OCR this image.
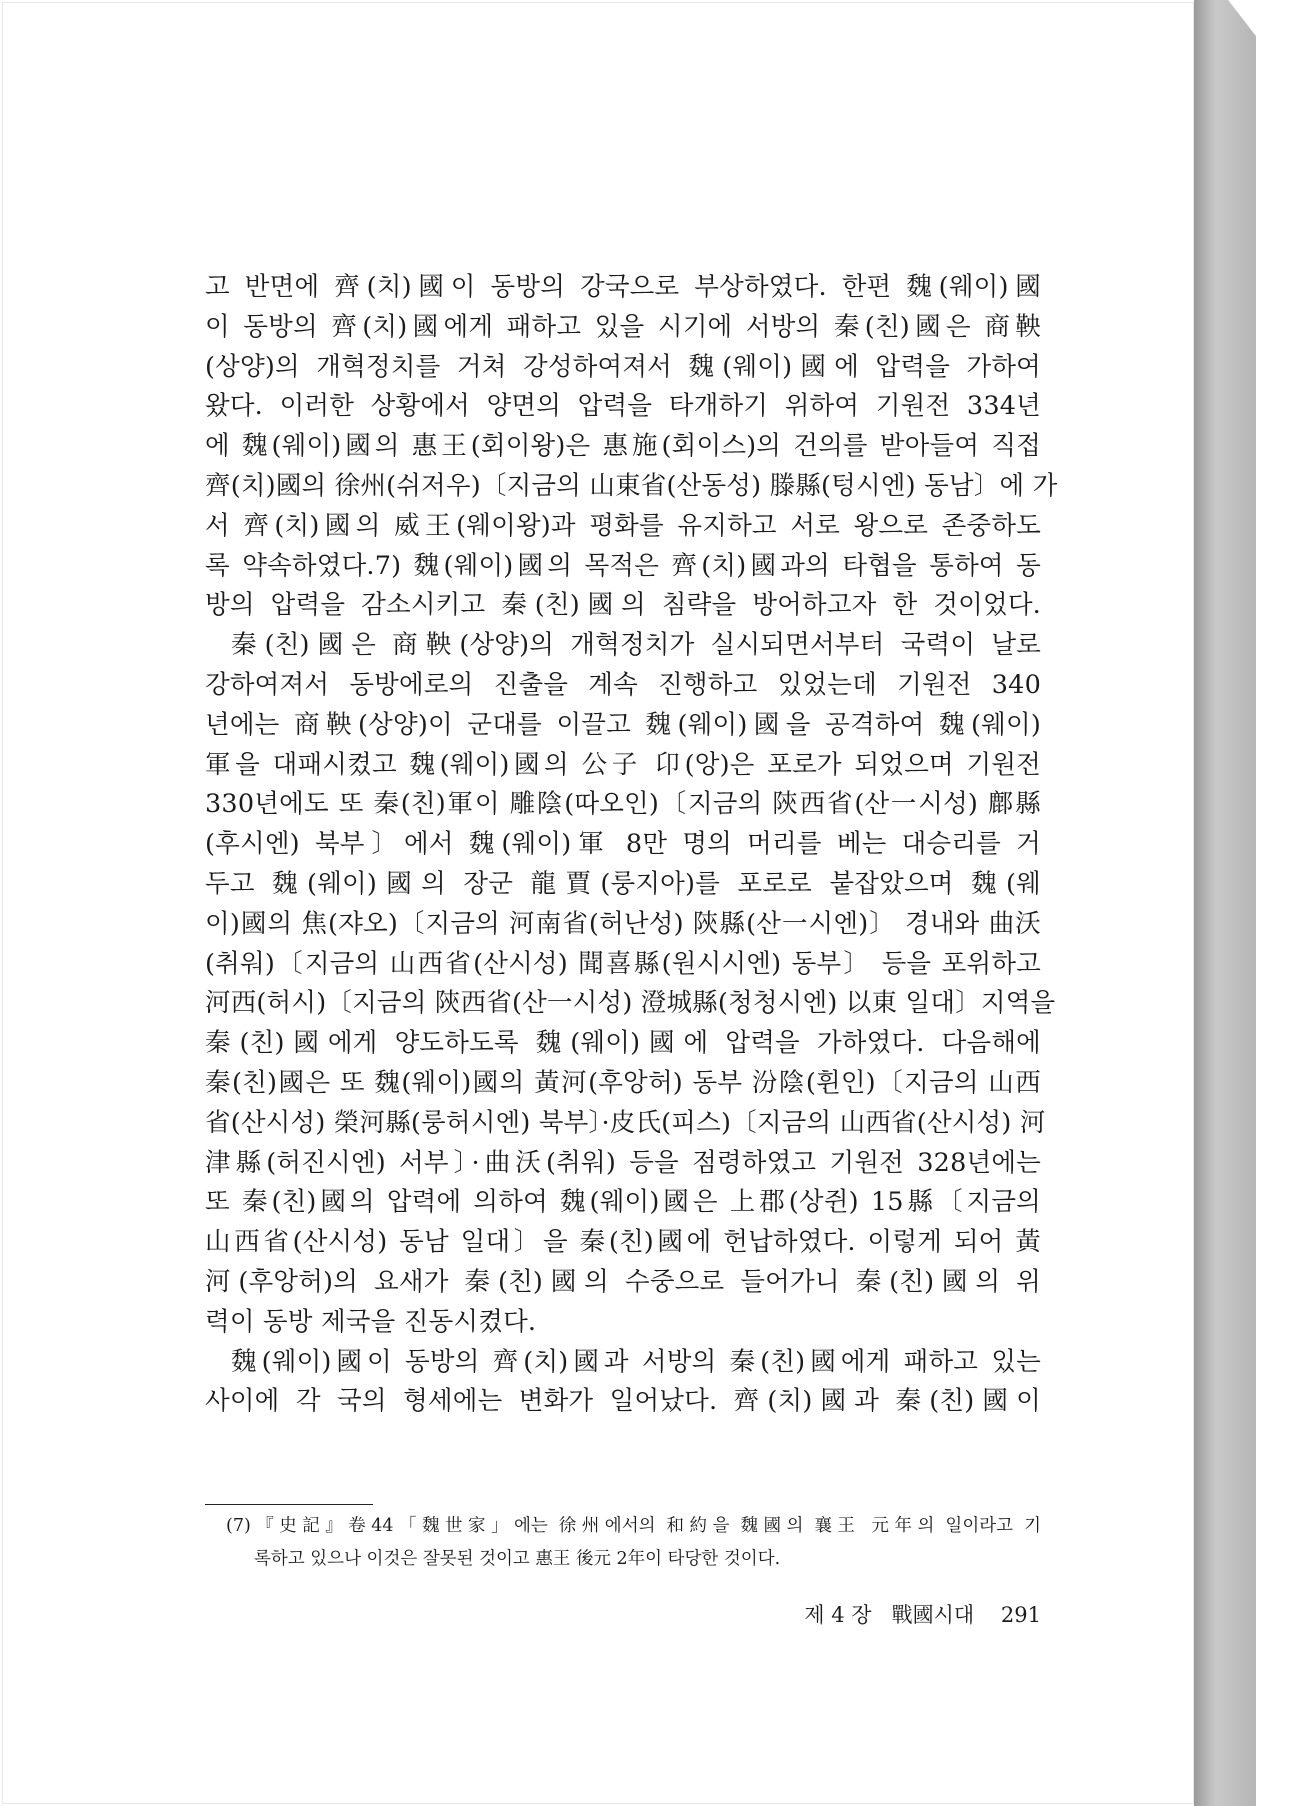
고 반면에 齊(치)國이 동방의 강국으로 부상하였다. 한편 魏(웨이)國
이 동방의 齊(치)國에게 패하고 있을 시기에 서방의 秦(친)國은 商鞅
(상양)의 개혁정치를 거쳐 강성하여져서 魏(웨이)國에 압력을 가하여
왔다. 이러한 상황에서 양면의 압력을 타개하기 위하여 기원전 334년
에 魏(웨이)國의 惠王(회이왕)은 惠施(회이스)의 건의를 받아들여 직접
齊(치)國의 徐州(쉬저우)〔지금의 山東省(산동성) 滕縣(텅시엔) 동남〕에 가
서 齊(치)國의 威王(웨이왕)과 평화를 유지하고 서로 왕으로 존중하도
록 약속하였다.7) 魏(웨이)國의 목적은 齊(치)國과의 타협을 통하여 동
방의 압력을 감소시키고 秦(친)國의 침략을 방어하고자 한 것이었다.
秦(친)國은 商鞅(상양)의 개혁정치가 실시되면서부터 국력이 날로
강하여져서 동방에로의 진출을 계속 진행하고 있었는데 기원전 340
년에는 商鞅(상양)이 군대를 이끌고 魏(웨이)國을 공격하여 魏(웨이)
軍을 대패시켰고 魏(웨이)國의 公子 卬(앙)은 포로가 되었으며 기원전
330년에도 또 秦(친)軍이 雕陰(따오인)〔지금의 陝西省(산一시성) 鄜縣
(후시엔) 북부〕에서 魏(웨이)軍 8만 명의 머리를 베는 대승리를 거
두고 魏(웨이)國의 장군 龍賈(룽지아)를 포로로 붙잡았으며 魏(웨
이)國의 焦(쟈오)〔지금의 河南省(허난성) 陝縣(산一시엔)〕 경내와 曲沃
(취워)〔지금의 山西省(산시성) 聞喜縣(원시시엔) 동부〕 등을 포위하고
河西(허시)〔지금의 陝西省(산一시성) 澄城縣(청청시엔) 以東 일대〕지역을
秦(친)國에게 양도하도록 魏(웨이)國에 압력을 가하였다. 다음해에
秦(친)國은 또 魏(웨이)國의 黃河(후앙허) 동부 汾陰(휜인)〔지금의 山西
省(산시성) 榮河縣(룽허시엔) 북부〕·皮氏(피스)〔지금의 山西省(산시성) 河
津縣(허진시엔) 서부〕·曲沃(취워) 등을 점령하였고 기원전 328년에는
또 秦(친)國의 압력에 의하여 魏(웨이)國은 上郡(상쥔) 15縣〔지금의
山西省(산시성) 동남 일대〕을 秦(친)國에 헌납하였다. 이렇게 되어 黃
河(후앙허)의 요새가 秦(친)國의 수중으로 들어가니 秦(친)國의 위
력이 동방 제국을 진동시켰다.
魏(웨이)國이 동방의 齊(치)國과 서방의 秦(친)國에게 패하고 있는
사이에 각 국의 형세에는 변화가 일어났다. 齊(치)國과 秦(친)國이
(7)『史記』卷44「魏世家」에는 徐州에서의 和約을 魏國의 襄王 元年의 일이라고 기
록하고 있으나 이것은 잘못된 것이고 惠王 後元 2年이 타당한 것이다.
제 4 장 戰國시대 291
